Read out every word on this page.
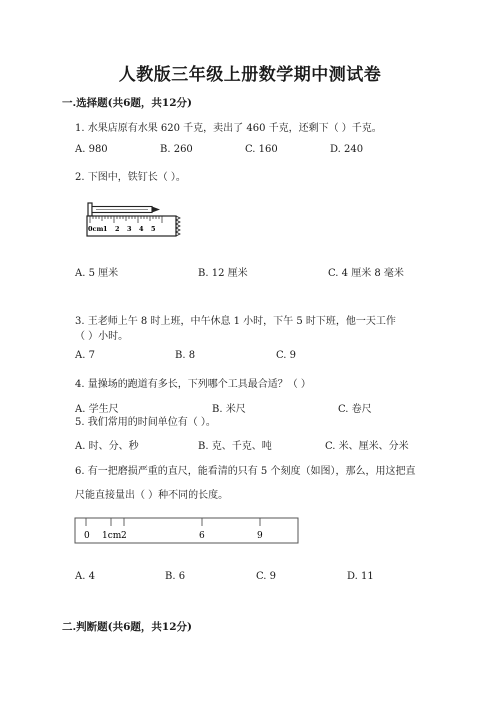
人教版三年级上册数学期中测试卷
一.选择题(共6题，共12分)
1. 水果店原有水果 620 千克，卖出了 460 千克，还剩下（ ）千克。
A. 980	B. 260	C. 160	D. 240
2. 下图中，铁钉长（ ）。
0cm 1 2 3 4 5
A. 5 厘米	B. 12 厘米	C. 4 厘米 8 毫米
3. 王老师上午 8 时上班，中午休息 1 小时，下午 5 时下班，他一天工作
（ ）小时。
A. 7	B. 8	C. 9
4. 量操场的跑道有多长，下列哪个工具最合适？（ ）
A. 学生尺	B. 米尺	C. 卷尺
5. 我们常用的时间单位有（ ）。
A. 时、分、秒	B. 克、千克、吨	C. 米、厘米、分米
6. 有一把磨损严重的直尺，能看清的只有 5 个刻度（如图），那么，用这把直
尺能直接量出（ ）种不同的长度。
0 1cm 2	6	9
A. 4	B. 6	C. 9	D. 11
二.判断题(共6题，共12分)
